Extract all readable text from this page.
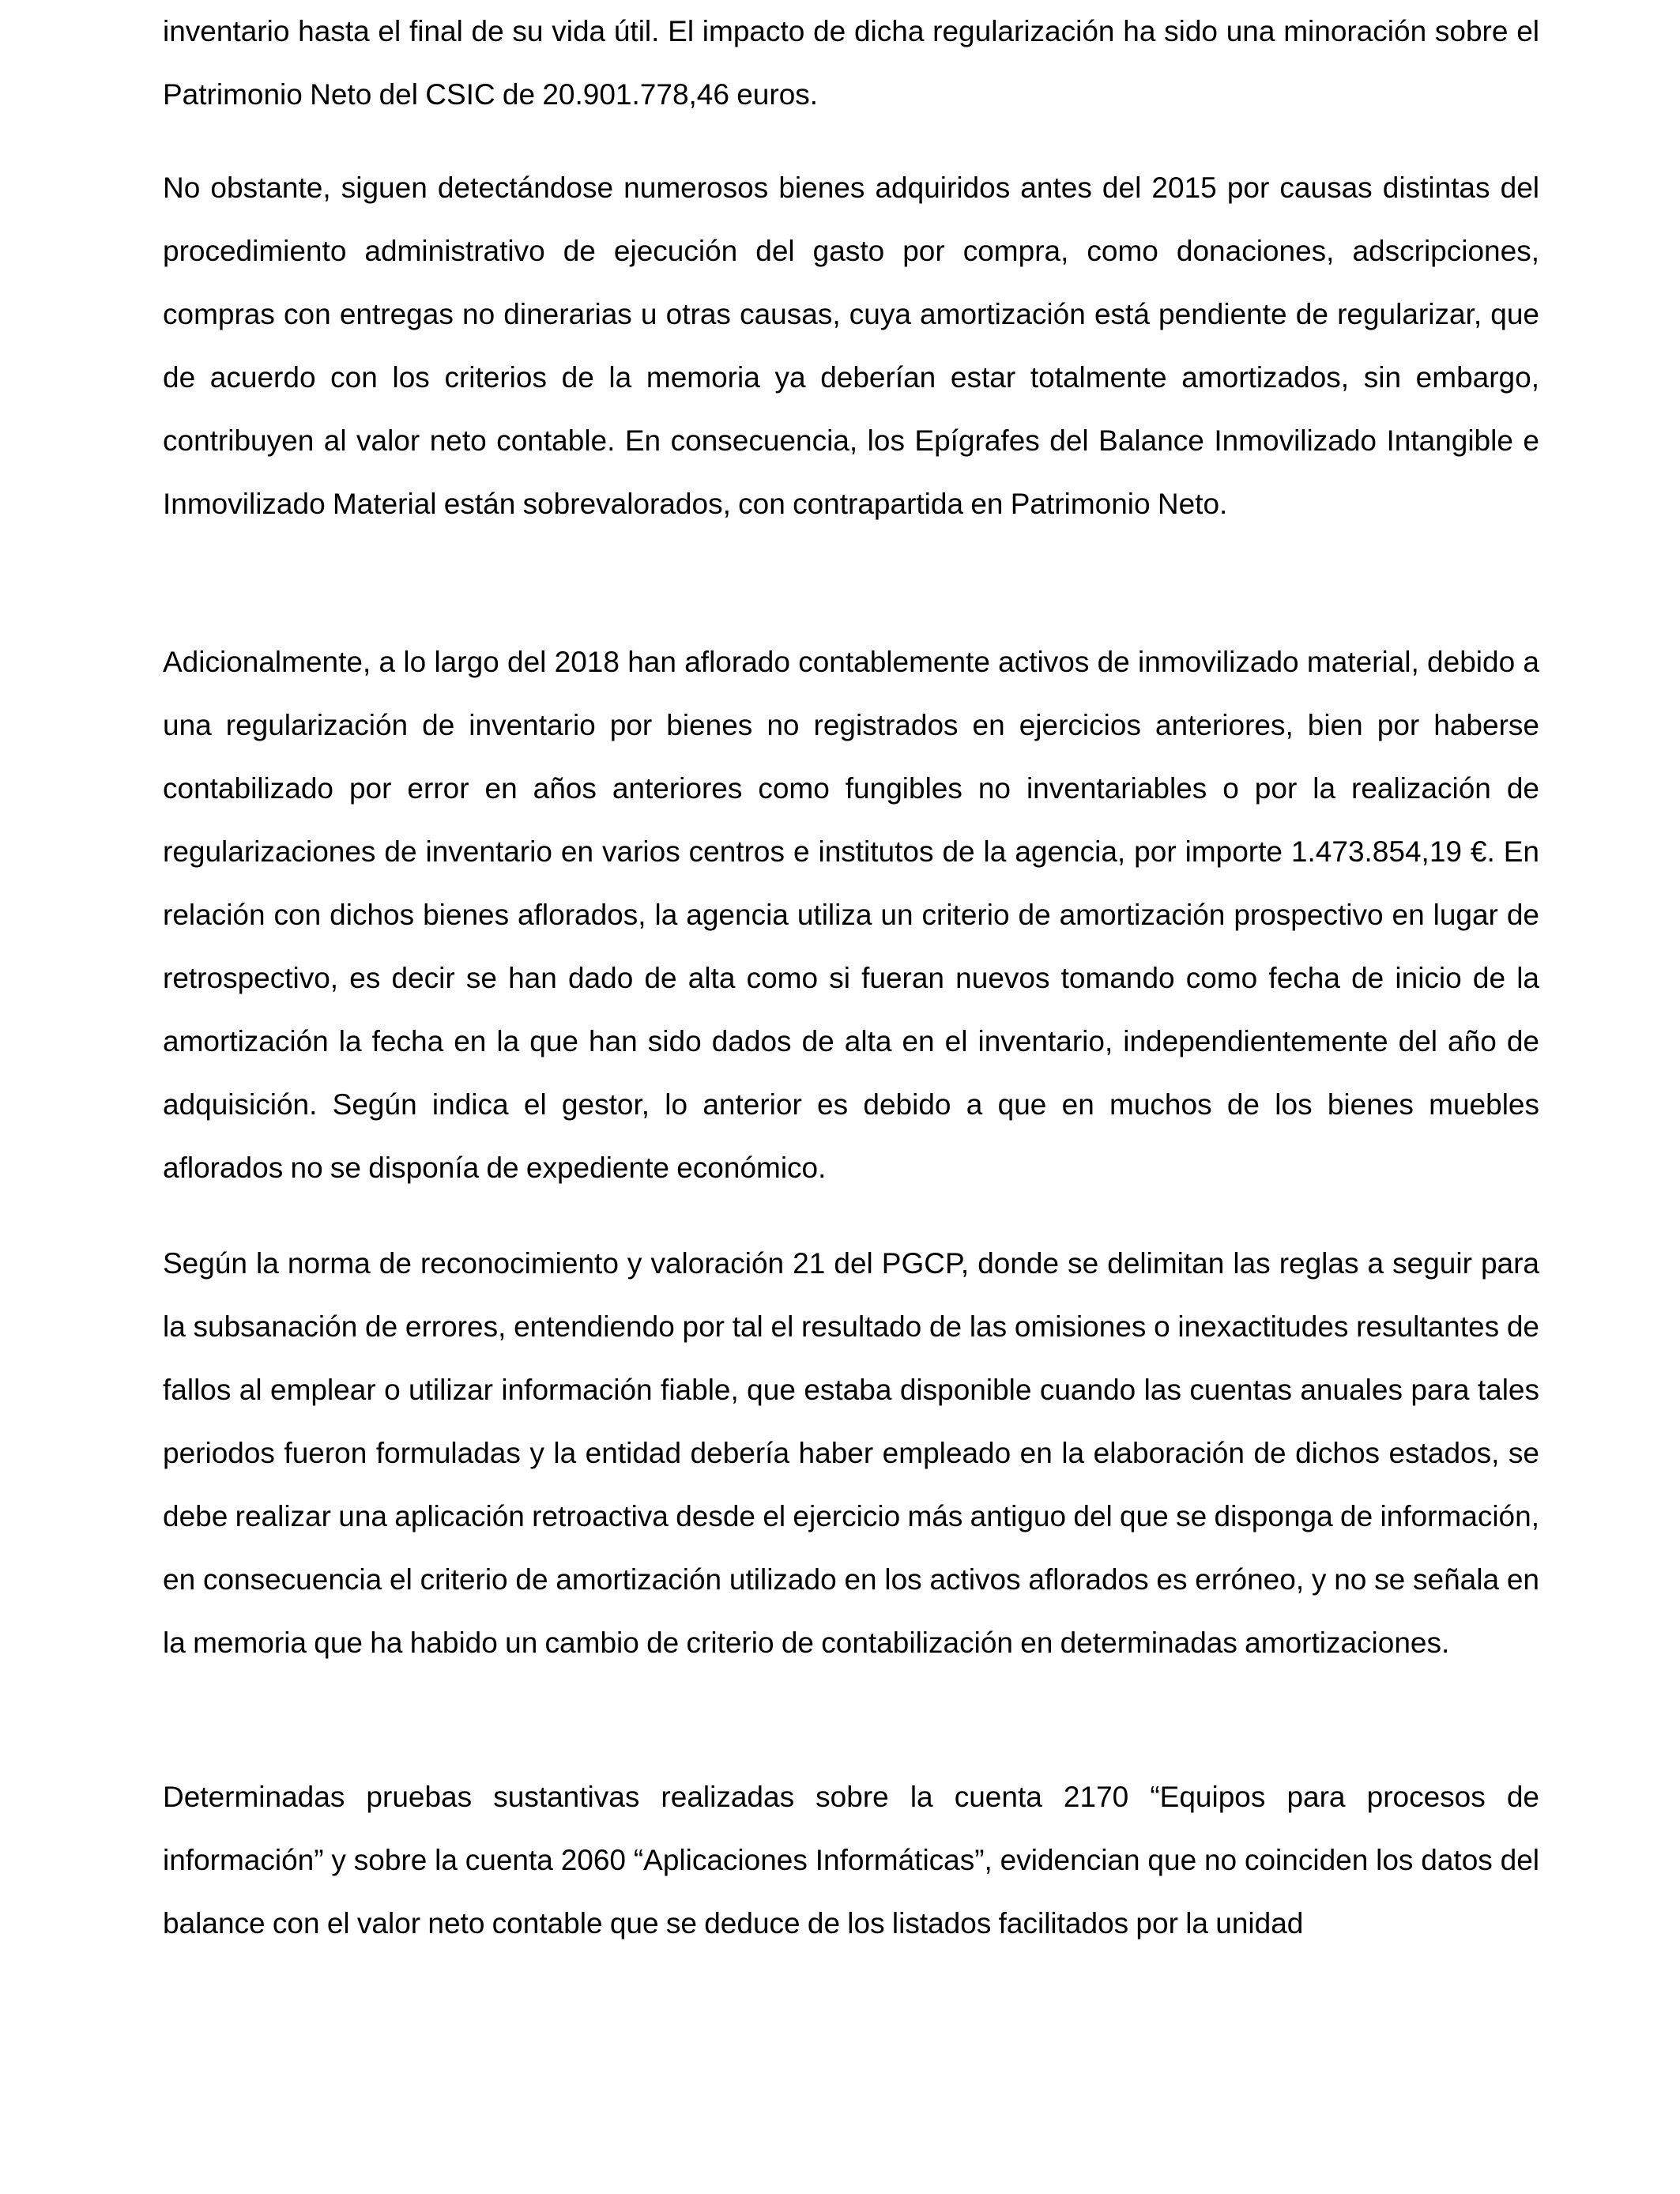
inventario hasta el final de su vida útil. El impacto de dicha regularización ha sido una minoración sobre el Patrimonio Neto del CSIC de 20.901.778,46 euros.

No obstante, siguen detectándose numerosos bienes adquiridos antes del 2015 por causas distintas del procedimiento administrativo de ejecución del gasto por compra, como donaciones, adscripciones, compras con entregas no dinerarias u otras causas, cuya amortización está pendiente de regularizar, que de acuerdo con los criterios de la memoria ya deberían estar totalmente amortizados, sin embargo, contribuyen al valor neto contable. En consecuencia, los Epígrafes del Balance Inmovilizado Intangible e Inmovilizado Material están sobrevalorados, con contrapartida en Patrimonio Neto.

Adicionalmente, a lo largo del 2018 han aflorado contablemente activos de inmovilizado material, debido a una regularización de inventario por bienes no registrados en ejercicios anteriores, bien por haberse contabilizado por error en años anteriores como fungibles no inventariables o por la realización de regularizaciones de inventario en varios centros e institutos de la agencia, por importe 1.473.854,19 €. En relación con dichos bienes aflorados, la agencia utiliza un criterio de amortización prospectivo en lugar de retrospectivo, es decir se han dado de alta como si fueran nuevos tomando como fecha de inicio de la amortización la fecha en la que han sido dados de alta en el inventario, independientemente del año de adquisición. Según indica el gestor, lo anterior es debido a que en muchos de los bienes muebles aflorados no se disponía de expediente económico.

Según la norma de reconocimiento y valoración 21 del PGCP, donde se delimitan las reglas a seguir para la subsanación de errores, entendiendo por tal el resultado de las omisiones o inexactitudes resultantes de fallos al emplear o utilizar información fiable, que estaba disponible cuando las cuentas anuales para tales periodos fueron formuladas y la entidad debería haber empleado en la elaboración de dichos estados, se debe realizar una aplicación retroactiva desde el ejercicio más antiguo del que se disponga de información, en consecuencia el criterio de amortización utilizado en los activos aflorados es erróneo, y no se señala en la memoria que ha habido un cambio de criterio de contabilización en determinadas amortizaciones.

Determinadas pruebas sustantivas realizadas sobre la cuenta 2170 “Equipos para procesos de información” y sobre la cuenta 2060 “Aplicaciones Informáticas”, evidencian que no coinciden los datos del balance con el valor neto contable que se deduce de los listados facilitados por la unidad
